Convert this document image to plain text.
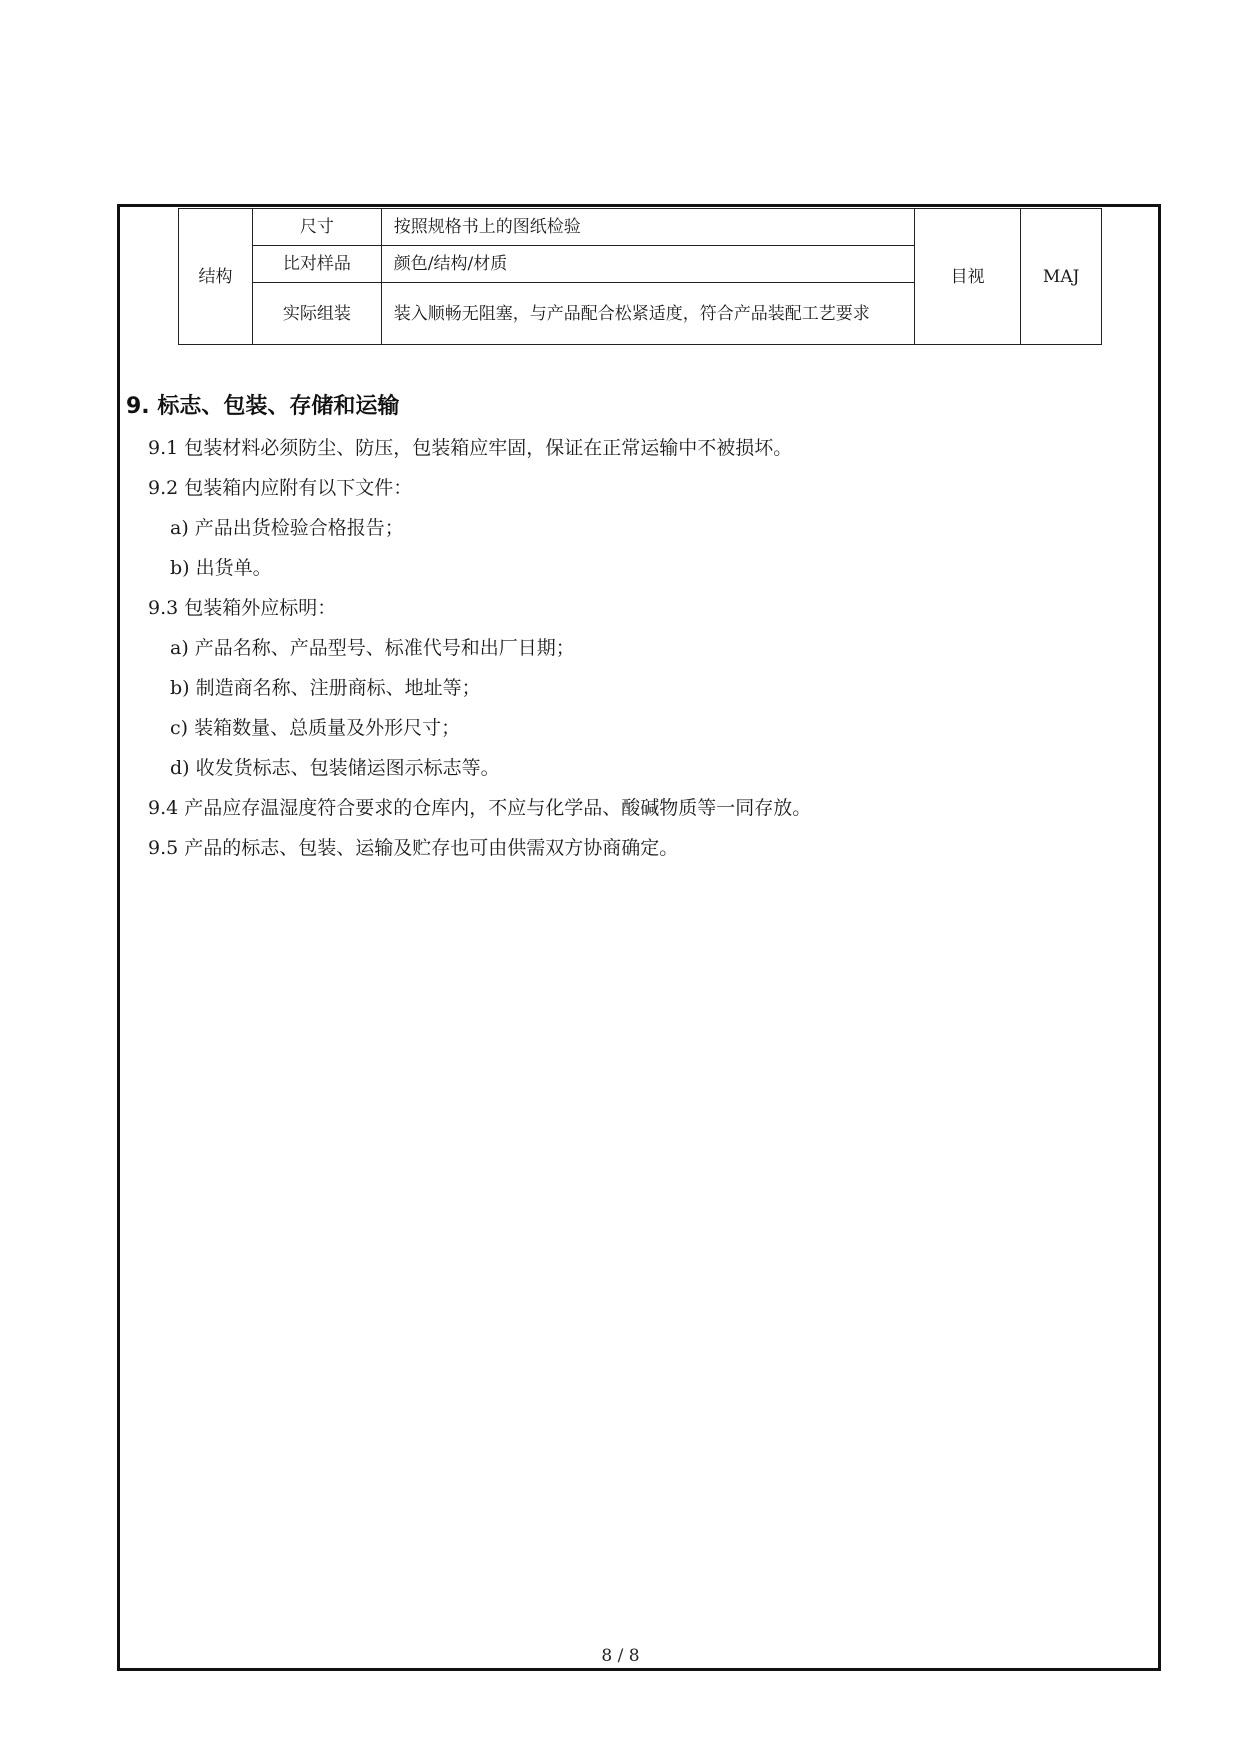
结构	尺寸	按照规格书上的图纸检验	目视	MAJ
	比对样品	颜色/结构/材质		
	实际组装	装入顺畅无阻塞，与产品配合松紧适度，符合产品装配工艺要求		
9. 标志、包装、存储和运输
9.1 包装材料必须防尘、防压，包装箱应牢固，保证在正常运输中不被损坏。
9.2 包装箱内应附有以下文件：
a) 产品出货检验合格报告；
b) 出货单。
9.3 包装箱外应标明：
a) 产品名称、产品型号、标准代号和出厂日期；
b) 制造商名称、注册商标、地址等；
c) 装箱数量、总质量及外形尺寸；
d) 收发货标志、包装储运图示标志等。
9.4 产品应存温湿度符合要求的仓库内，不应与化学品、酸碱物质等一同存放。
9.5 产品的标志、包装、运输及贮存也可由供需双方协商确定。
8 / 8
